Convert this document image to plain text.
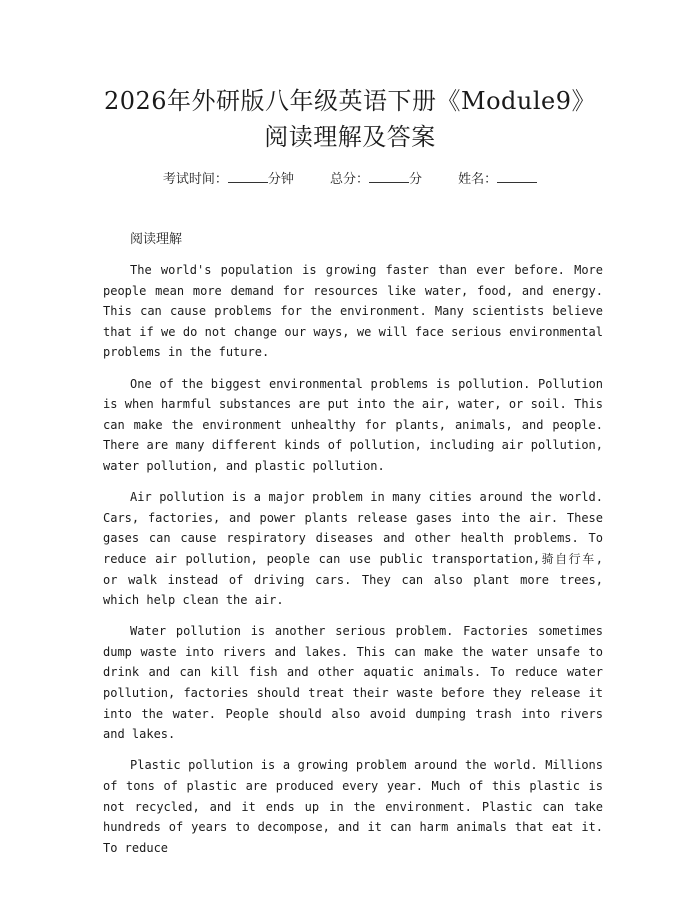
2026年外研版八年级英语下册《Module9》
阅读理解及答案
考试时间：	分钟	总分：	分	姓名：
阅读理解

The world's population is growing faster than ever before. More people mean more demand for resources like water, food, and energy. This can cause problems for the environment. Many scientists believe that if we do not change our ways, we will face serious environmental problems in the future.

One of the biggest environmental problems is pollution. Pollution is when harmful substances are put into the air, water, or soil. This can make the environment unhealthy for plants, animals, and people. There are many different kinds of pollution, including air pollution, water pollution, and plastic pollution.

Air pollution is a major problem in many cities around the world. Cars, factories, and power plants release gases into the air. These gases can cause respiratory diseases and other health problems. To reduce air pollution, people can use public transportation,骑自行车, or walk instead of driving cars. They can also plant more trees, which help clean the air.

Water pollution is another serious problem. Factories sometimes dump waste into rivers and lakes. This can make the water unsafe to drink and can kill fish and other aquatic animals. To reduce water pollution, factories should treat their waste before they release it into the water. People should also avoid dumping trash into rivers and lakes.

Plastic pollution is a growing problem around the world. Millions of tons of plastic are produced every year. Much of this plastic is not recycled, and it ends up in the environment. Plastic can take hundreds of years to decompose, and it can harm animals that eat it. To reduce
